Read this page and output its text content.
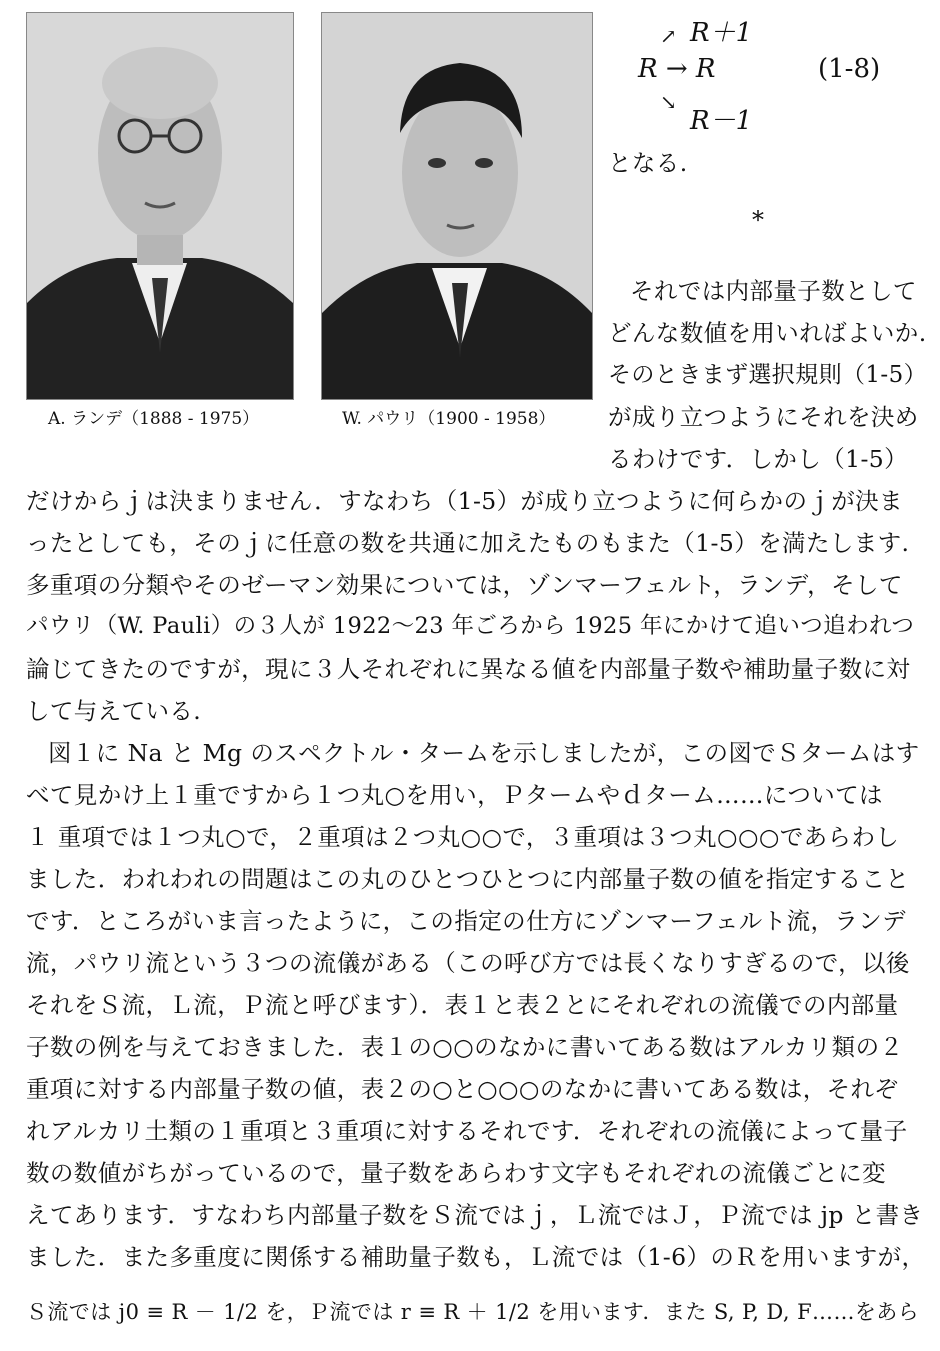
A. ランデ（1888 - 1975）	W. パウリ（1900 - 1958）
↗ R＋1
R → R	(1-8)
↘
R－1
*
となる.
それでは内部量子数として
どんな数値を用いればよいか.
そのときまず選択規則（1-5）
が成り立つようにそれを決め
るわけです．しかし（1-5）
だけからｊは決まりません．すなわち（1-5）が成り立つように何らかのｊが決ま
ったとしても，そのｊに任意の数を共通に加えたものもまた（1-5）を満たします.
多重項の分類やそのゼーマン効果については，ゾンマーフェルト，ランデ，そして
パウリ（W. Pauli）の３人が 1922〜23 年ごろから 1925 年にかけて追いつ追われつ
論じてきたのですが，現に３人それぞれに異なる値を内部量子数や補助量子数に対
して与えている.
図１に Na と Mg のスペクトル・タームを示しましたが，この図でＳタームはす
べて見かけ上１重ですから１つ丸○を用い，Ｐタームやｄターム……については
１ 重項では１つ丸○で，２重項は２つ丸○○で，３重項は３つ丸○○○であらわし
ました．われわれの問題はこの丸のひとつひとつに内部量子数の値を指定すること
です．ところがいま言ったように，この指定の仕方にゾンマーフェルト流，ランデ
流，パウリ流という３つの流儀がある（この呼び方では長くなりすぎるので，以後
それをＳ流，Ｌ流，Ｐ流と呼びます）．表１と表２とにそれぞれの流儀での内部量
子数の例を与えておきました．表１の○○のなかに書いてある数はアルカリ類の２
重項に対する内部量子数の値，表２の○と○○○のなかに書いてある数は，それぞ
れアルカリ土類の１重項と３重項に対するそれです．それぞれの流儀によって量子
数の数値がちがっているので，量子数をあらわす文字もそれぞれの流儀ごとに変
えてあります．すなわち内部量子数をＳ流ではｊ，Ｌ流ではＪ，Ｐ流では jp と書き
ました．また多重度に関係する補助量子数も，Ｌ流では（1-6）のＲを用いますが，
Ｓ流では j0 ≡ R － 1/2 を，Ｐ流では r ≡ R ＋ 1/2 を用います．また S, P, D, F……をあら
